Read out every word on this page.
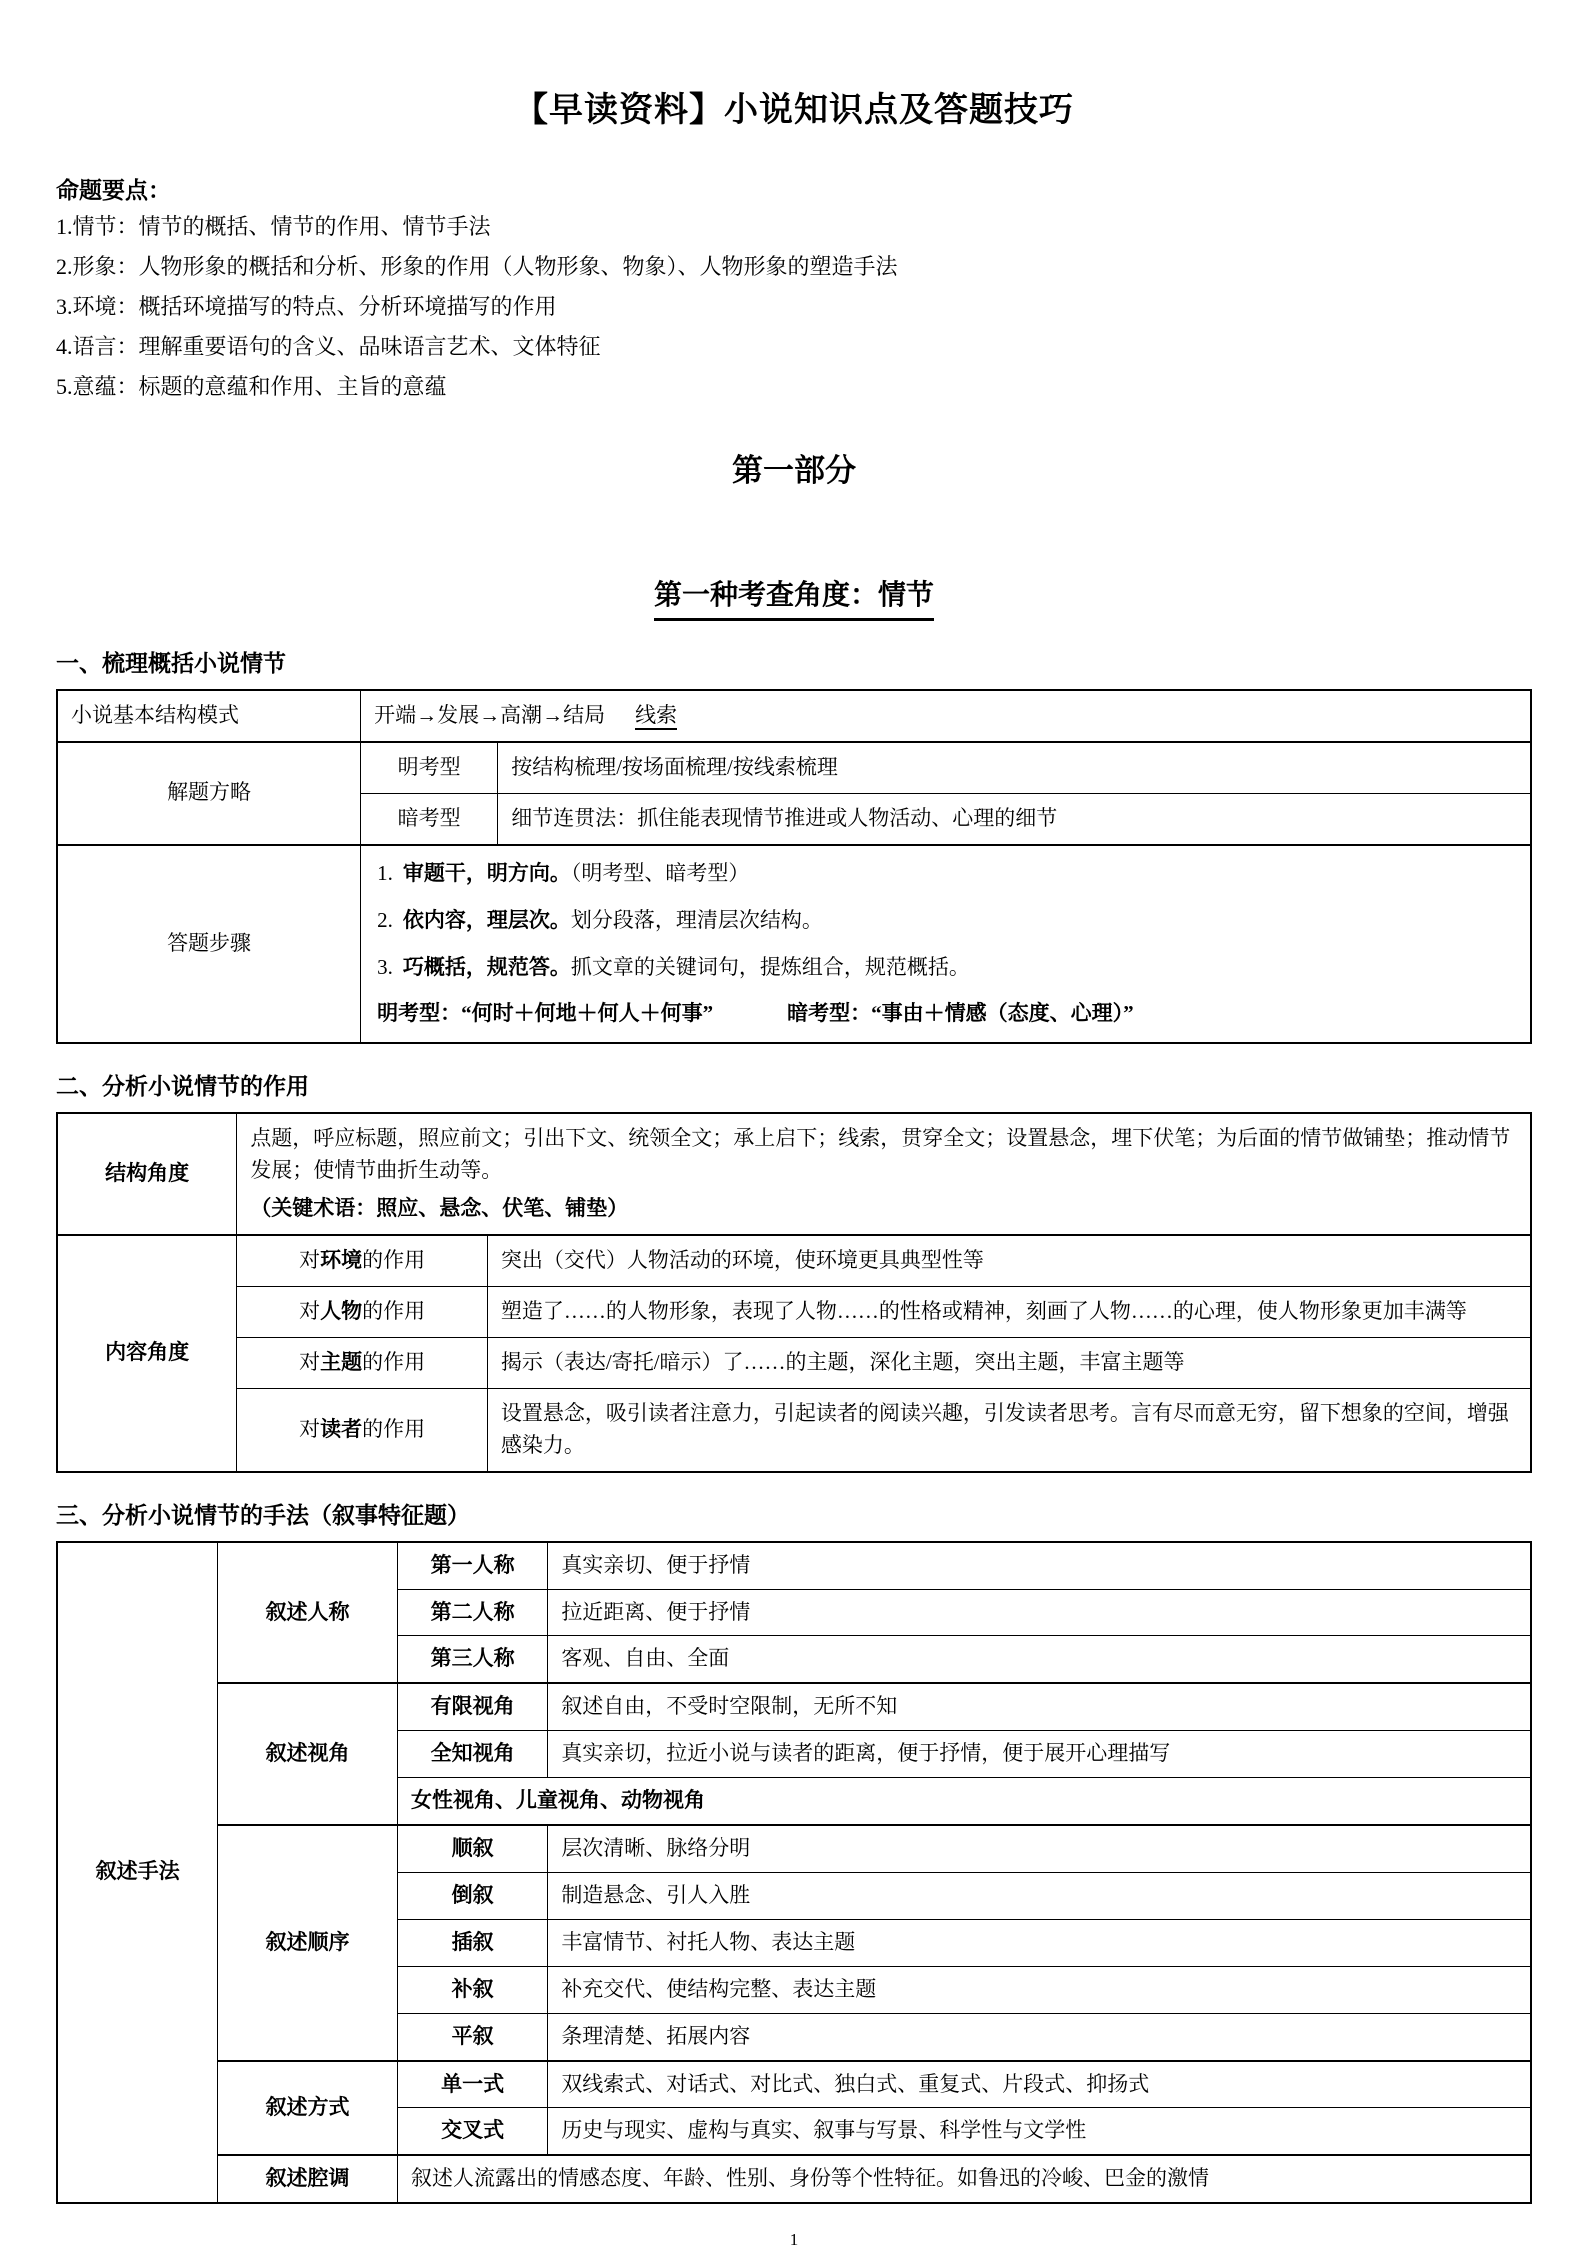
【早读资料】小说知识点及答题技巧
命题要点：
1.情节：情节的概括、情节的作用、情节手法
2.形象：人物形象的概括和分析、形象的作用（人物形象、物象）、人物形象的塑造手法
3.环境：概括环境描写的特点、分析环境描写的作用
4.语言：理解重要语句的含义、品味语言艺术、文体特征
5.意蕴：标题的意蕴和作用、主旨的意蕴
第一部分
第一种考查角度：情节
一、梳理概括小说情节
小说基本结构模式	开端→发展→高潮→结局 线索	
解题方略	明考型	按结构梳理/按场面梳理/按线索梳理
	暗考型	细节连贯法：抓住能表现情节推进或人物活动、心理的细节
答题步骤	1. 审题干，明方向。（明考型、暗考型）
2. 依内容，理层次。划分段落，理清层次结构。
3. 巧概括，规范答。抓文章的关键词句，提炼组合，规范概括。
明考型：“何时＋何地＋何人＋何事” 暗考型：“事由＋情感（态度、心理）”	
二、分析小说情节的作用
结构角度	点题，呼应标题，照应前文；引出下文、统领全文；承上启下；线索，贯穿全文；设置悬念，埋下伏笔；为后面的情节做铺垫；推动情节发展；使情节曲折生动等。
（关键术语：照应、悬念、伏笔、铺垫）	

内容角度	对环境的作用	突出（交代）人物活动的环境，使环境更具典型性等
	对人物的作用	塑造了……的人物形象，表现了人物……的性格或精神，刻画了人物……的心理，使人物形象更加丰满等
	对主题的作用	揭示（表达/寄托/暗示）了……的主题，深化主题，突出主题，丰富主题等
	对读者的作用	设置悬念，吸引读者注意力，引起读者的阅读兴趣，引发读者思考。言有尽而意无穷，留下想象的空间，增强感染力。
三、分析小说情节的手法（叙事特征题）
叙述手法	叙述人称	第一人称	真实亲切、便于抒情
		第二人称	拉近距离、便于抒情
		第三人称	客观、自由、全面
	叙述视角	有限视角	叙述自由，不受时空限制，无所不知
		全知视角	真实亲切，拉近小说与读者的距离，便于抒情，便于展开心理描写
		女性视角、儿童视角、动物视角	
	叙述顺序	顺叙	层次清晰、脉络分明
		倒叙	制造悬念、引人入胜
		插叙	丰富情节、衬托人物、表达主题
		补叙	补充交代、使结构完整、表达主题
		平叙	条理清楚、拓展内容
	叙述方式	单一式	双线索式、对话式、对比式、独白式、重复式、片段式、抑扬式
		交叉式	历史与现实、虚构与真实、叙事与写景、科学性与文学性
	叙述腔调	叙述人流露出的情感态度、年龄、性别、身份等个性特征。如鲁迅的冷峻、巴金的激情	
1
